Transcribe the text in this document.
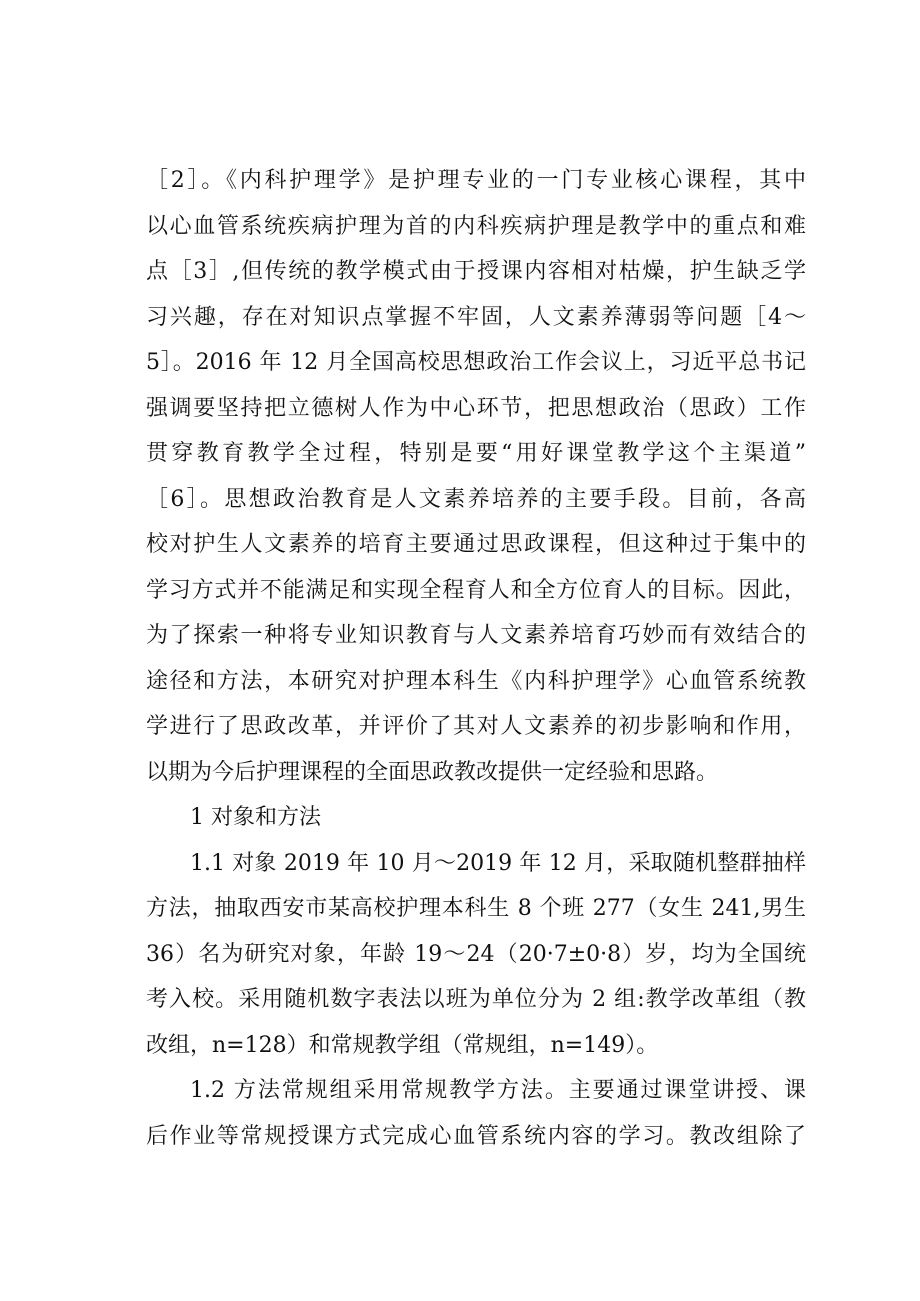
［2］。《内科护理学》是护理专业的一门专业核心课程，其中
以心血管系统疾病护理为首的内科疾病护理是教学中的重点和难
点［3］,但传统的教学模式由于授课内容相对枯燥，护生缺乏学
习兴趣，存在对知识点掌握不牢固，人文素养薄弱等问题［4～
5］。2016 年 12 月全国高校思想政治工作会议上，习近平总书记
强调要坚持把立德树人作为中心环节，把思想政治（思政）工作
贯穿教育教学全过程，特别是要“用好课堂教学这个主渠道”
［6］。思想政治教育是人文素养培养的主要手段。目前，各高
校对护生人文素养的培育主要通过思政课程，但这种过于集中的
学习方式并不能满足和实现全程育人和全方位育人的目标。因此，
为了探索一种将专业知识教育与人文素养培育巧妙而有效结合的
途径和方法，本研究对护理本科生《内科护理学》心血管系统教
学进行了思政改革，并评价了其对人文素养的初步影响和作用，
以期为今后护理课程的全面思政教改提供一定经验和思路。
1 对象和方法
1.1 对象 2019 年 10 月～2019 年 12 月，采取随机整群抽样
方法，抽取西安市某高校护理本科生 8 个班 277（女生 241,男生
36）名为研究对象，年龄 19～24（20·7±0·8）岁，均为全国统
考入校。采用随机数字表法以班为单位分为 2 组:教学改革组（教
改组，n=128）和常规教学组（常规组，n=149）。
1.2 方法常规组采用常规教学方法。主要通过课堂讲授、课
后作业等常规授课方式完成心血管系统内容的学习。教改组除了
